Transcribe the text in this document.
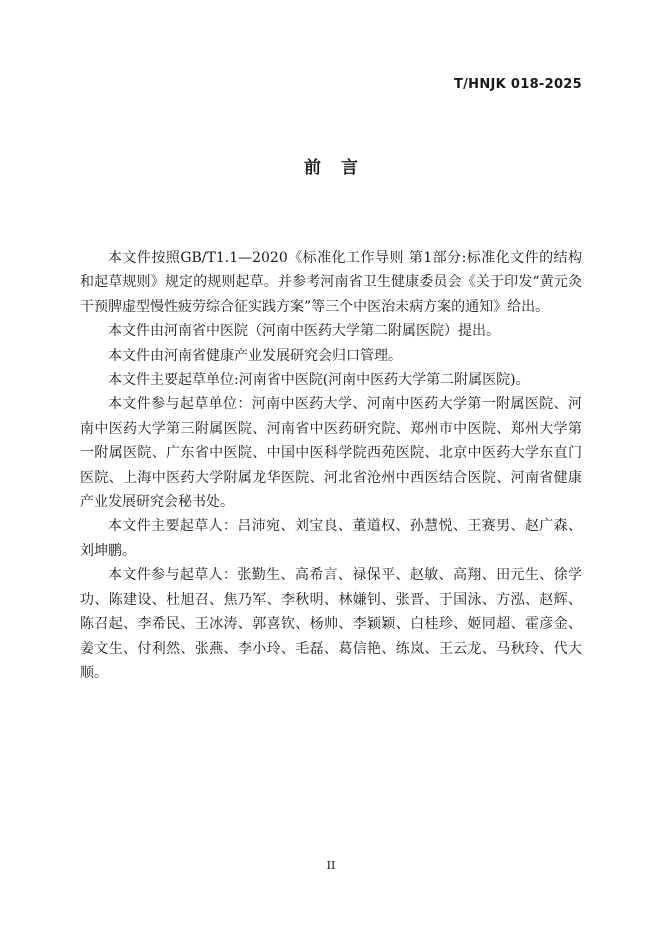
T/HNJK 018-2025
前言

本文件按照GB/T1.1—2020《标准化工作导则 第1部分:标准化文件的结构和起草规则》规定的规则起草。并参考河南省卫生健康委员会《关于印发“黄元灸干预脾虚型慢性疲劳综合征实践方案”等三个中医治未病方案的通知》给出。

本文件由河南省中医院（河南中医药大学第二附属医院）提出。

本文件由河南省健康产业发展研究会归口管理。

本文件主要起草单位:河南省中医院(河南中医药大学第二附属医院)。

本文件参与起草单位：河南中医药大学、河南中医药大学第一附属医院、河南中医药大学第三附属医院、河南省中医药研究院、郑州市中医院、郑州大学第一附属医院、广东省中医院、中国中医科学院西苑医院、北京中医药大学东直门医院、上海中医药大学附属龙华医院、河北省沧州中西医结合医院、河南省健康产业发展研究会秘书处。

本文件主要起草人：吕沛宛、刘宝良、董道权、孙慧悦、王赛男、赵广森、刘坤鹏。

本文件参与起草人：张勤生、高希言、禄保平、赵敏、高翔、田元生、徐学功、陈建设、杜旭召、焦乃军、李秋明、林嫌钊、张晋、于国泳、方泓、赵辉、陈召起、李希民、王冰涛、郭喜钦、杨帅、李颖颖、白桂珍、姬同超、霍彦金、姜文生、付利然、张燕、李小玲、毛磊、葛信艳、练岚、王云龙、马秋玲、代大顺。

II
